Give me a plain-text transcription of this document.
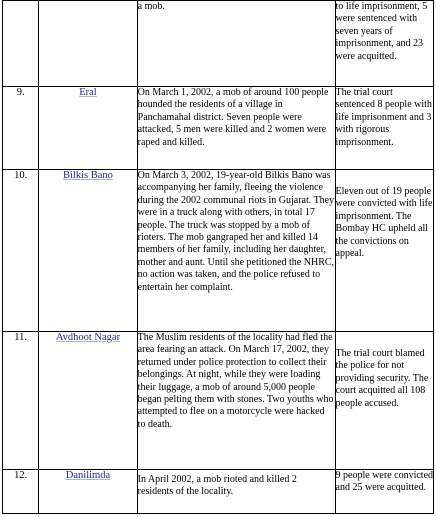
		a mob.	to life imprisonment, 5 were sentenced with seven years of imprisonment, and 23 were acquitted.

9.	Eral	On March 1, 2002, a mob of around 100 people hounded the residents of a village in Panchamahal district. Seven people were attacked, 5 men were killed and 2 women were raped and killed.	The trial court sentenced 8 people with life imprisonment and 3 with rigorous imprisonment.

10.	Bilkis Bano	On March 3, 2002, 19-year-old Bilkis Bano was accompanying her family, fleeing the violence during the 2002 communal riots in Gujarat. They were in a truck along with others, in total 17 people. The truck was stopped by a mob of rioters. The mob gangraped her and killed 14 members of her family, including her daughter, mother and aunt. Until she petitioned the NHRC, no action was taken, and the police refused to entertain her complaint.	Eleven out of 19 people were convicted with life imprisonment. The Bombay HC upheld all the convictions on appeal.

11.	Avdhoot Nagar	The Muslim residents of the locality had fled the area fearing an attack. On March 17, 2002, they returned under police protection to collect their belongings. At night, while they were loading their luggage, a mob of around 5,000 people began pelting them with stones. Two youths who attempted to flee on a motorcycle were hacked to death.	The trial court blamed the police for not providing security. The court acquitted all 108 people accused.

12.	Danilimda	In April 2002, a mob rioted and killed 2 residents of the locality.	9 people were convicted and 25 were acquitted.
